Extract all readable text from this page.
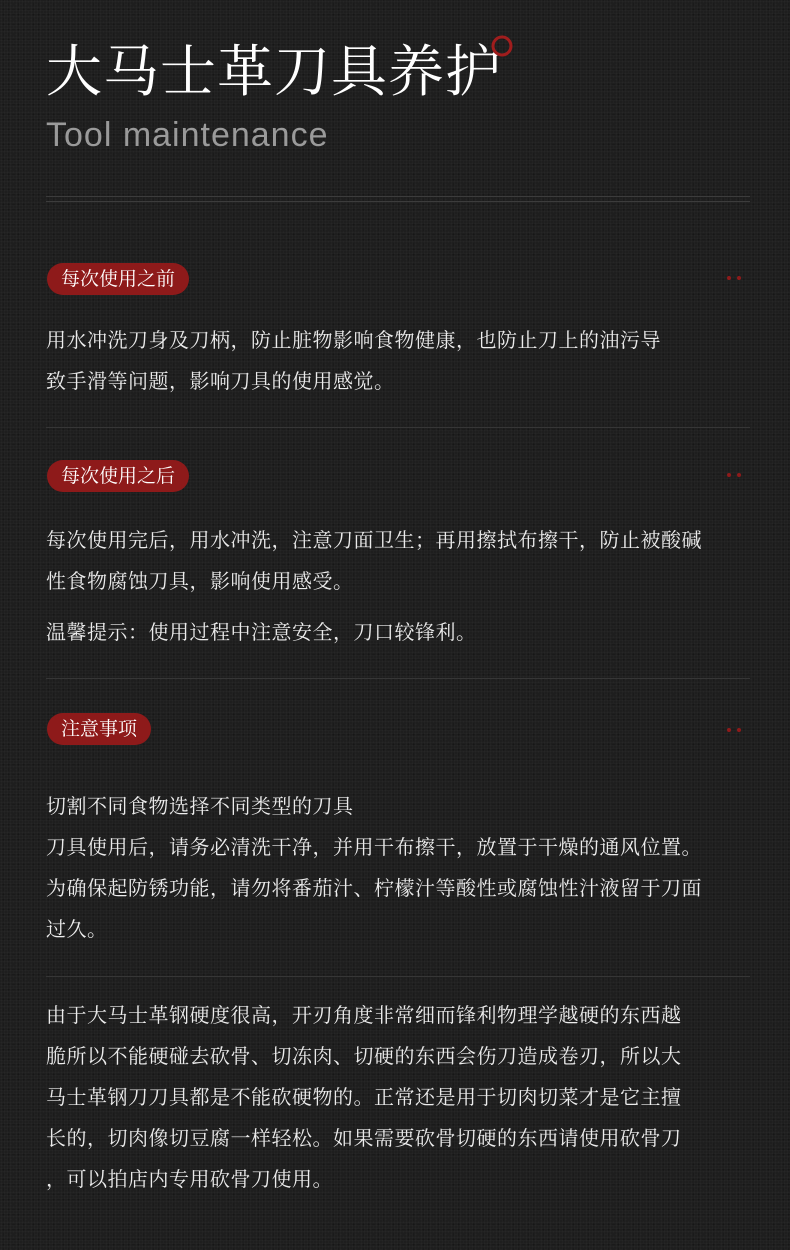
大马士革刀具养护
Tool maintenance
每次使用之前
用水冲洗刀身及刀柄，防止脏物影响食物健康，也防止刀上的油污导
致手滑等问题，影响刀具的使用感觉。
每次使用之后
每次使用完后，用水冲洗，注意刀面卫生；再用擦拭布擦干，防止被酸碱
性食物腐蚀刀具，影响使用感受。
温馨提示：使用过程中注意安全，刀口较锋利。
注意事项
切割不同食物选择不同类型的刀具
刀具使用后，请务必清洗干净，并用干布擦干，放置于干燥的通风位置。
为确保起防锈功能，请勿将番茄汁、柠檬汁等酸性或腐蚀性汁液留于刀面
过久。
由于大马士革钢硬度很高，开刃角度非常细而锋利物理学越硬的东西越
脆所以不能硬碰去砍骨、切冻肉、切硬的东西会伤刀造成卷刃，所以大
马士革钢刀刀具都是不能砍硬物的。正常还是用于切肉切菜才是它主擅
长的，切肉像切豆腐一样轻松。如果需要砍骨切硬的东西请使用砍骨刀
，可以拍店内专用砍骨刀使用。
